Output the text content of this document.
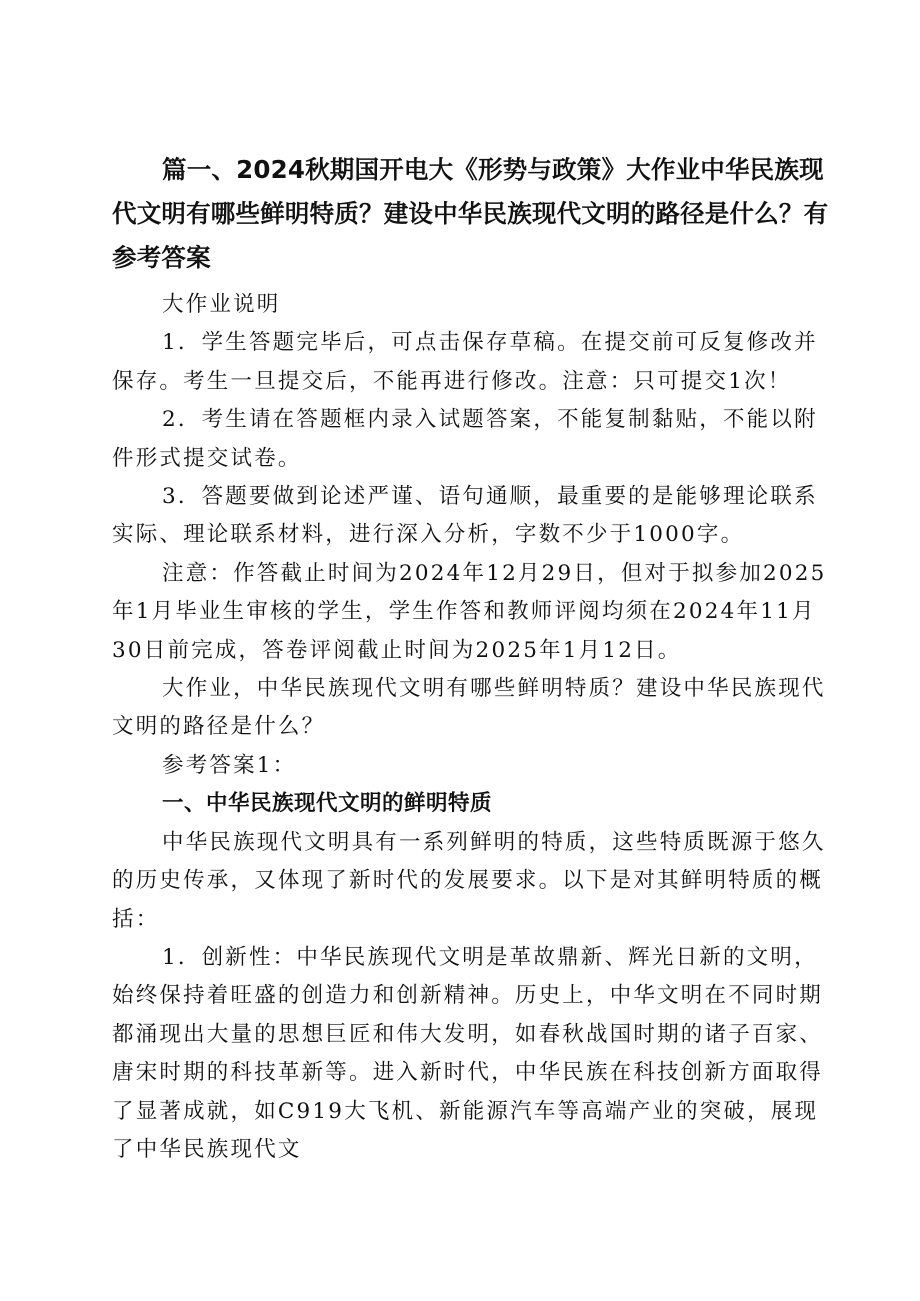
篇一、2024秋期国开电大《形势与政策》大作业中华民族现代文明有哪些鲜明特质？建设中华民族现代文明的路径是什么？有参考答案

大作业说明

1．学生答题完毕后，可点击保存草稿。在提交前可反复修改并保存。考生一旦提交后，不能再进行修改。注意：只可提交1次！

2．考生请在答题框内录入试题答案，不能复制黏贴，不能以附件形式提交试卷。

3．答题要做到论述严谨、语句通顺，最重要的是能够理论联系实际、理论联系材料，进行深入分析，字数不少于1000字。

注意：作答截止时间为2024年12月29日，但对于拟参加2025年1月毕业生审核的学生，学生作答和教师评阅均须在2024年11月30日前完成，答卷评阅截止时间为2025年1月12日。

大作业，中华民族现代文明有哪些鲜明特质？建设中华民族现代文明的路径是什么？

参考答案1：

一、中华民族现代文明的鲜明特质

中华民族现代文明具有一系列鲜明的特质，这些特质既源于悠久的历史传承，又体现了新时代的发展要求。以下是对其鲜明特质的概括：

1．创新性：中华民族现代文明是革故鼎新、辉光日新的文明，始终保持着旺盛的创造力和创新精神。历史上，中华文明在不同时期都涌现出大量的思想巨匠和伟大发明，如春秋战国时期的诸子百家、唐宋时期的科技革新等。进入新时代，中华民族在科技创新方面取得了显著成就，如C919大飞机、新能源汽车等高端产业的突破，展现了中华民族现代文
